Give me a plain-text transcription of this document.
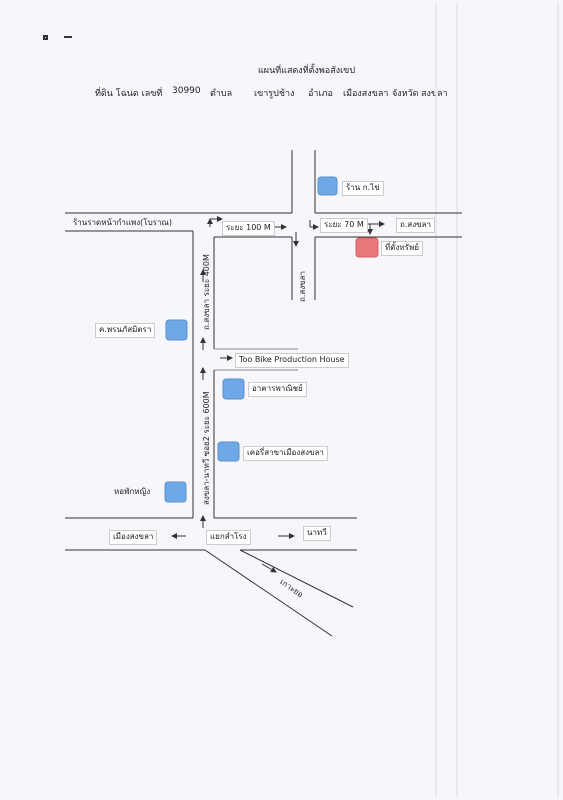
แผนที่แสดงที่ตั้งพอสังเขป
ที่ดิน โฉนด เลขที่ 30990 ตำบล เขารูปช้าง อำเภอ เมืองสงขลา จังหวัด สงขลา
ร้านราดหน้ากำแพง(โบราณ)
ระยะ 100 M	ระยะ 70 M	ถ.สงขลา
ร้าน ก.ไข่
ที่ตั้งทรัพย์
ถ.สงขลา
ถ.สงขลา ระยะ 400M
ค.พรนภัสมิตรา
Too Bike Production House
อาคารพาณิชย์
สงขลา-นาทวี ซอย2 ระยะ 600M	เคอรี่สาขาเมืองสงขลา
หอพักหญิง
เมืองสงขลา	แยกสำโรง	นาทวี
เกาะยอ
